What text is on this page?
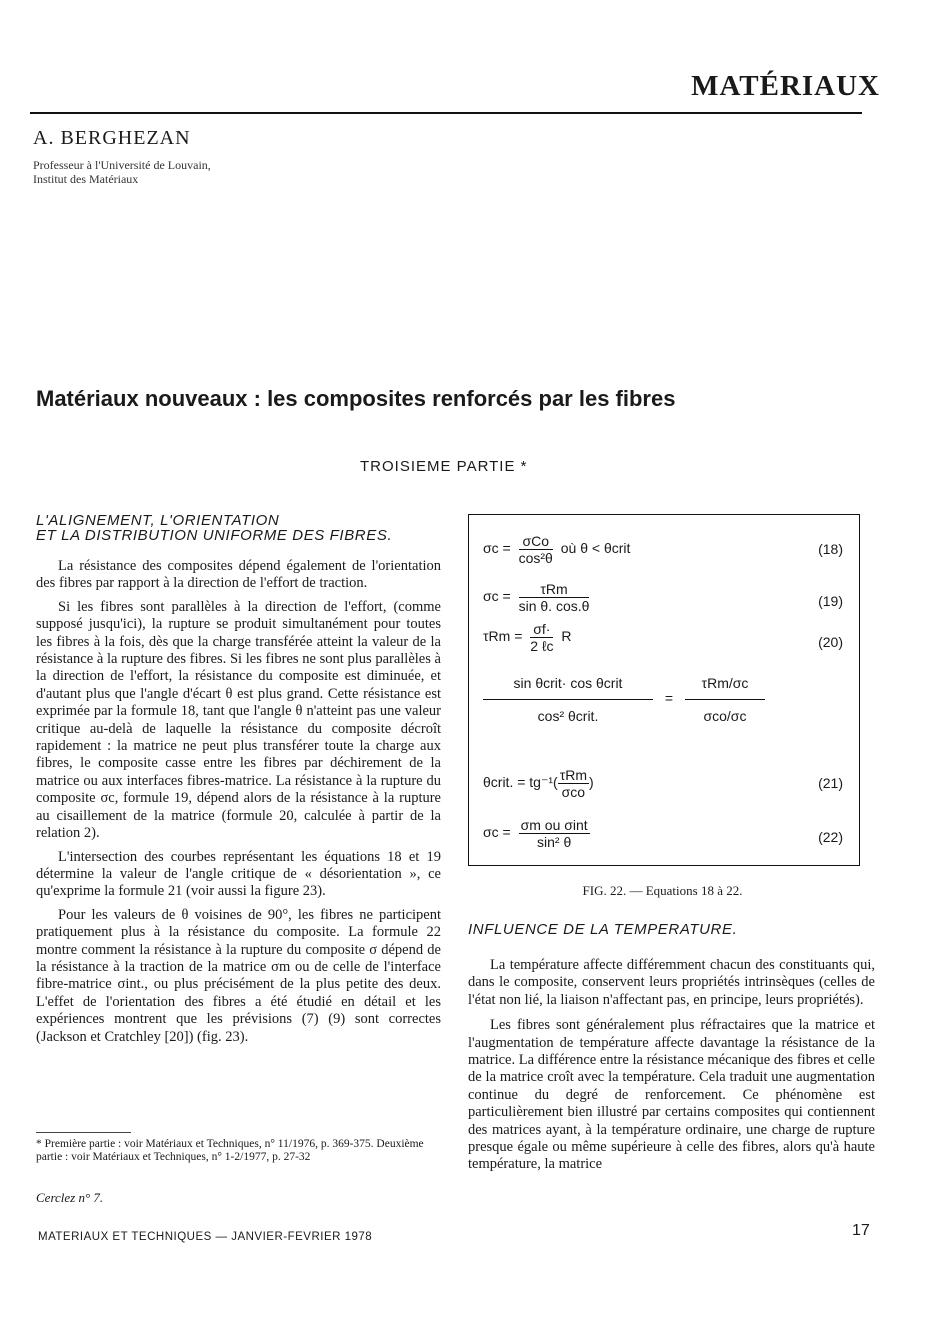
MATÉRIAUX
A. BERGHEZAN
Professeur à l'Université de Louvain,
Institut des Matériaux
Matériaux nouveaux : les composites renforcés par les fibres
TROISIEME PARTIE *
L'ALIGNEMENT, L'ORIENTATION
ET LA DISTRIBUTION UNIFORME DES FIBRES.

La résistance des composites dépend également de l'orientation des fibres par rapport à la direction de l'effort de traction.

Si les fibres sont parallèles à la direction de l'effort, (comme supposé jusqu'ici), la rupture se produit simultanément pour toutes les fibres à la fois, dès que la charge transférée atteint la valeur de la résistance à la rupture des fibres. Si les fibres ne sont plus parallèles à la direction de l'effort, la résistance du composite est diminuée, et d'autant plus que l'angle d'écart θ est plus grand. Cette résistance est exprimée par la formule 18, tant que l'angle θ n'atteint pas une valeur critique au-delà de laquelle la résistance du composite décroît rapidement : la matrice ne peut plus transférer toute la charge aux fibres, le composite casse entre les fibres par déchirement de la matrice ou aux interfaces fibres-matrice. La résistance à la rupture du composite σc, formule 19, dépend alors de la résistance à la rupture au cisaillement de la matrice (formule 20, calculée à partir de la relation 2).

L'intersection des courbes représentant les équations 18 et 19 détermine la valeur de l'angle critique de « désorientation », ce qu'exprime la formule 21 (voir aussi la figure 23).

Pour les valeurs de θ voisines de 90°, les fibres ne participent pratiquement plus à la résistance du composite. La formule 22 montre comment la résistance à la rupture du composite σ dépend de la résistance à la traction de la matrice σm ou de celle de l'interface fibre-matrice σint., ou plus précisément de la plus petite des deux. L'effet de l'orientation des fibres a été étudié en détail et les expériences montrent que les prévisions (7) (9) sont correctes (Jackson et Cratchley [20]) (fig. 23).

* Première partie : voir Matériaux et Techniques, n° 11/1976, p. 369-375. Deuxième partie : voir Matériaux et Techniques, n° 1-2/1977, p. 27-32
Cerclez n° 7.
σc = σCo
cos²θ
où θ < θcrit	(18)
σc =	τRm
sin θ. cos.θ	(19)
τRm = σf·
2 ℓc
R	(20)
sin θcrit· cos θcrit
cos² θcrit.
=
τRm/σc
σco/σc
θcrit. = tg⁻¹( τRm
σco
)	(21)
σc = σm ou σint
sin² θ	(22)
FIG. 22. — Equations 18 à 22.
INFLUENCE DE LA TEMPERATURE.

La température affecte différemment chacun des constituants qui, dans le composite, conservent leurs propriétés intrinsèques (celles de l'état non lié, la liaison n'affectant pas, en principe, leurs propriétés).

Les fibres sont généralement plus réfractaires que la matrice et l'augmentation de température affecte davantage la résistance de la matrice. La différence entre la résistance mécanique des fibres et celle de la matrice croît avec la température. Cela traduit une augmentation continue du degré de renforcement. Ce phénomène est particulièrement bien illustré par certains composites qui contiennent des matrices ayant, à la température ordinaire, une charge de rupture presque égale ou même supérieure à celle des fibres, alors qu'à haute température, la matrice

MATERIAUX ET TECHNIQUES — JANVIER-FEVRIER 1978	17
